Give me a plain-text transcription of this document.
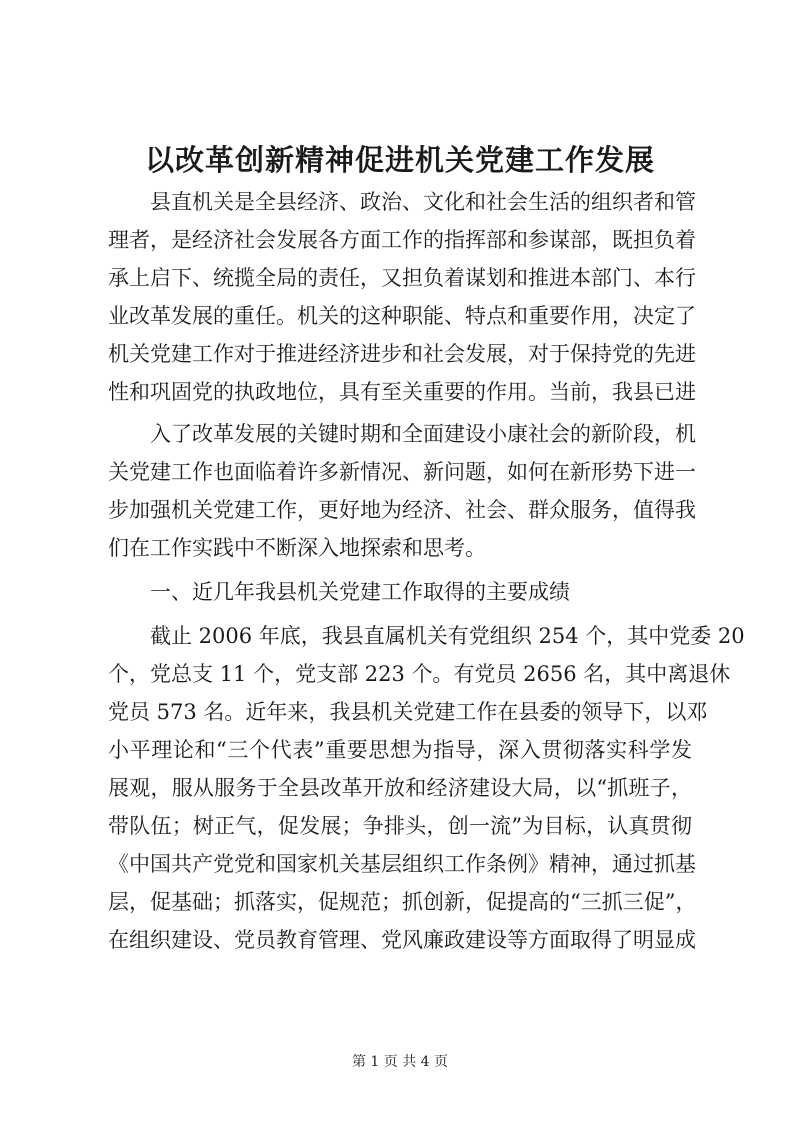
以改革创新精神促进机关党建工作发展
县直机关是全县经济、政治、文化和社会生活的组织者和管
理者，是经济社会发展各方面工作的指挥部和参谋部，既担负着
承上启下、统揽全局的责任，又担负着谋划和推进本部门、本行
业改革发展的重任。机关的这种职能、特点和重要作用，决定了
机关党建工作对于推进经济进步和社会发展，对于保持党的先进
性和巩固党的执政地位，具有至关重要的作用。当前，我县已进
入了改革发展的关键时期和全面建设小康社会的新阶段，机
关党建工作也面临着许多新情况、新问题，如何在新形势下进一
步加强机关党建工作，更好地为经济、社会、群众服务，值得我
们在工作实践中不断深入地探索和思考。
一、近几年我县机关党建工作取得的主要成绩
截止 2006 年底，我县直属机关有党组织 254 个，其中党委 20
个，党总支 11 个，党支部 223 个。有党员 2656 名，其中离退休
党员 573 名。近年来，我县机关党建工作在县委的领导下，以邓
小平理论和“三个代表”重要思想为指导，深入贯彻落实科学发
展观，服从服务于全县改革开放和经济建设大局，以“抓班子，
带队伍；树正气，促发展；争排头，创一流”为目标，认真贯彻
《中国共产党党和国家机关基层组织工作条例》精神，通过抓基
层，促基础；抓落实，促规范；抓创新，促提高的“三抓三促”，
在组织建设、党员教育管理、党风廉政建设等方面取得了明显成
第 1 页 共 4 页
